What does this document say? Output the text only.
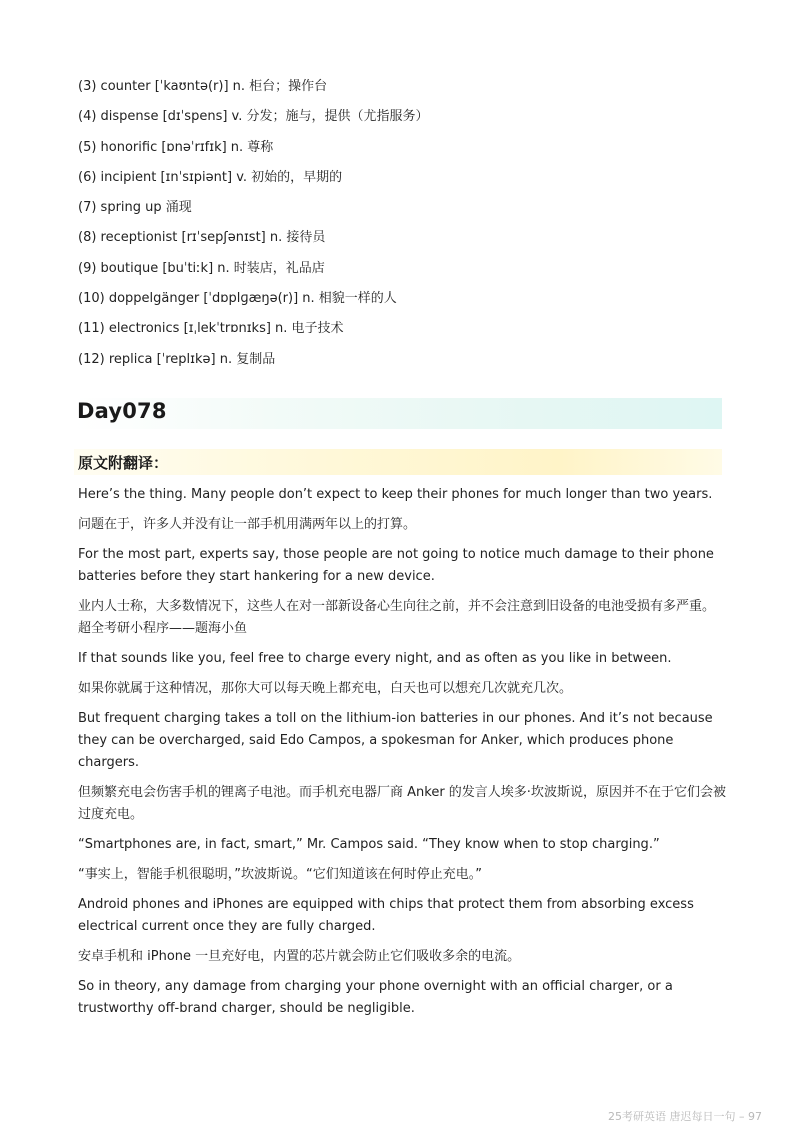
(3) counter [ˈkaʊntə(r)] n. 柜台；操作台
(4) dispense [dɪˈspens] v. 分发；施与，提供（尤指服务）
(5) honorific [ɒnəˈrɪfɪk] n. 尊称
(6) incipient [ɪnˈsɪpiənt] v. 初始的，早期的
(7) spring up 涌现
(8) receptionist [rɪˈsepʃənɪst] n. 接待员
(9) boutique [buˈtiːk] n. 时装店，礼品店
(10) doppelgänger [ˈdɒplɡæŋə(r)] n. 相貌一样的人
(11) electronics [ɪˌlekˈtrɒnɪks] n. 电子技术
(12) replica [ˈreplɪkə] n. 复制品
Day078
原文附翻译：

Here’s the thing. Many people don’t expect to keep their phones for much longer than two years.

问题在于，许多人并没有让一部手机用满两年以上的打算。

For the most part, experts say, those people are not going to notice much damage to their phone batteries before they start hankering for a new device.

业内人士称，大多数情况下，这些人在对一部新设备心生向往之前，并不会注意到旧设备的电池受损有多严重。超全考研小程序——题海小鱼

If that sounds like you, feel free to charge every night, and as often as you like in between.

如果你就属于这种情况，那你大可以每天晚上都充电，白天也可以想充几次就充几次。

But frequent charging takes a toll on the lithium-ion batteries in our phones. And it’s not because they can be overcharged, said Edo Campos, a spokesman for Anker, which produces phone chargers.

但频繁充电会伤害手机的锂离子电池。而手机充电器厂商 Anker 的发言人埃多·坎波斯说，原因并不在于它们会被过度充电。

“Smartphones are, in fact, smart,” Mr. Campos said. “They know when to stop charging.”

“事实上，智能手机很聪明，”坎波斯说。“它们知道该在何时停止充电。”

Android phones and iPhones are equipped with chips that protect them from absorbing excess electrical current once they are fully charged.

安卓手机和 iPhone 一旦充好电，内置的芯片就会防止它们吸收多余的电流。

So in theory, any damage from charging your phone overnight with an official charger, or a trustworthy off-brand charger, should be negligible.

25考研英语 唐迟每日一句 – 97
